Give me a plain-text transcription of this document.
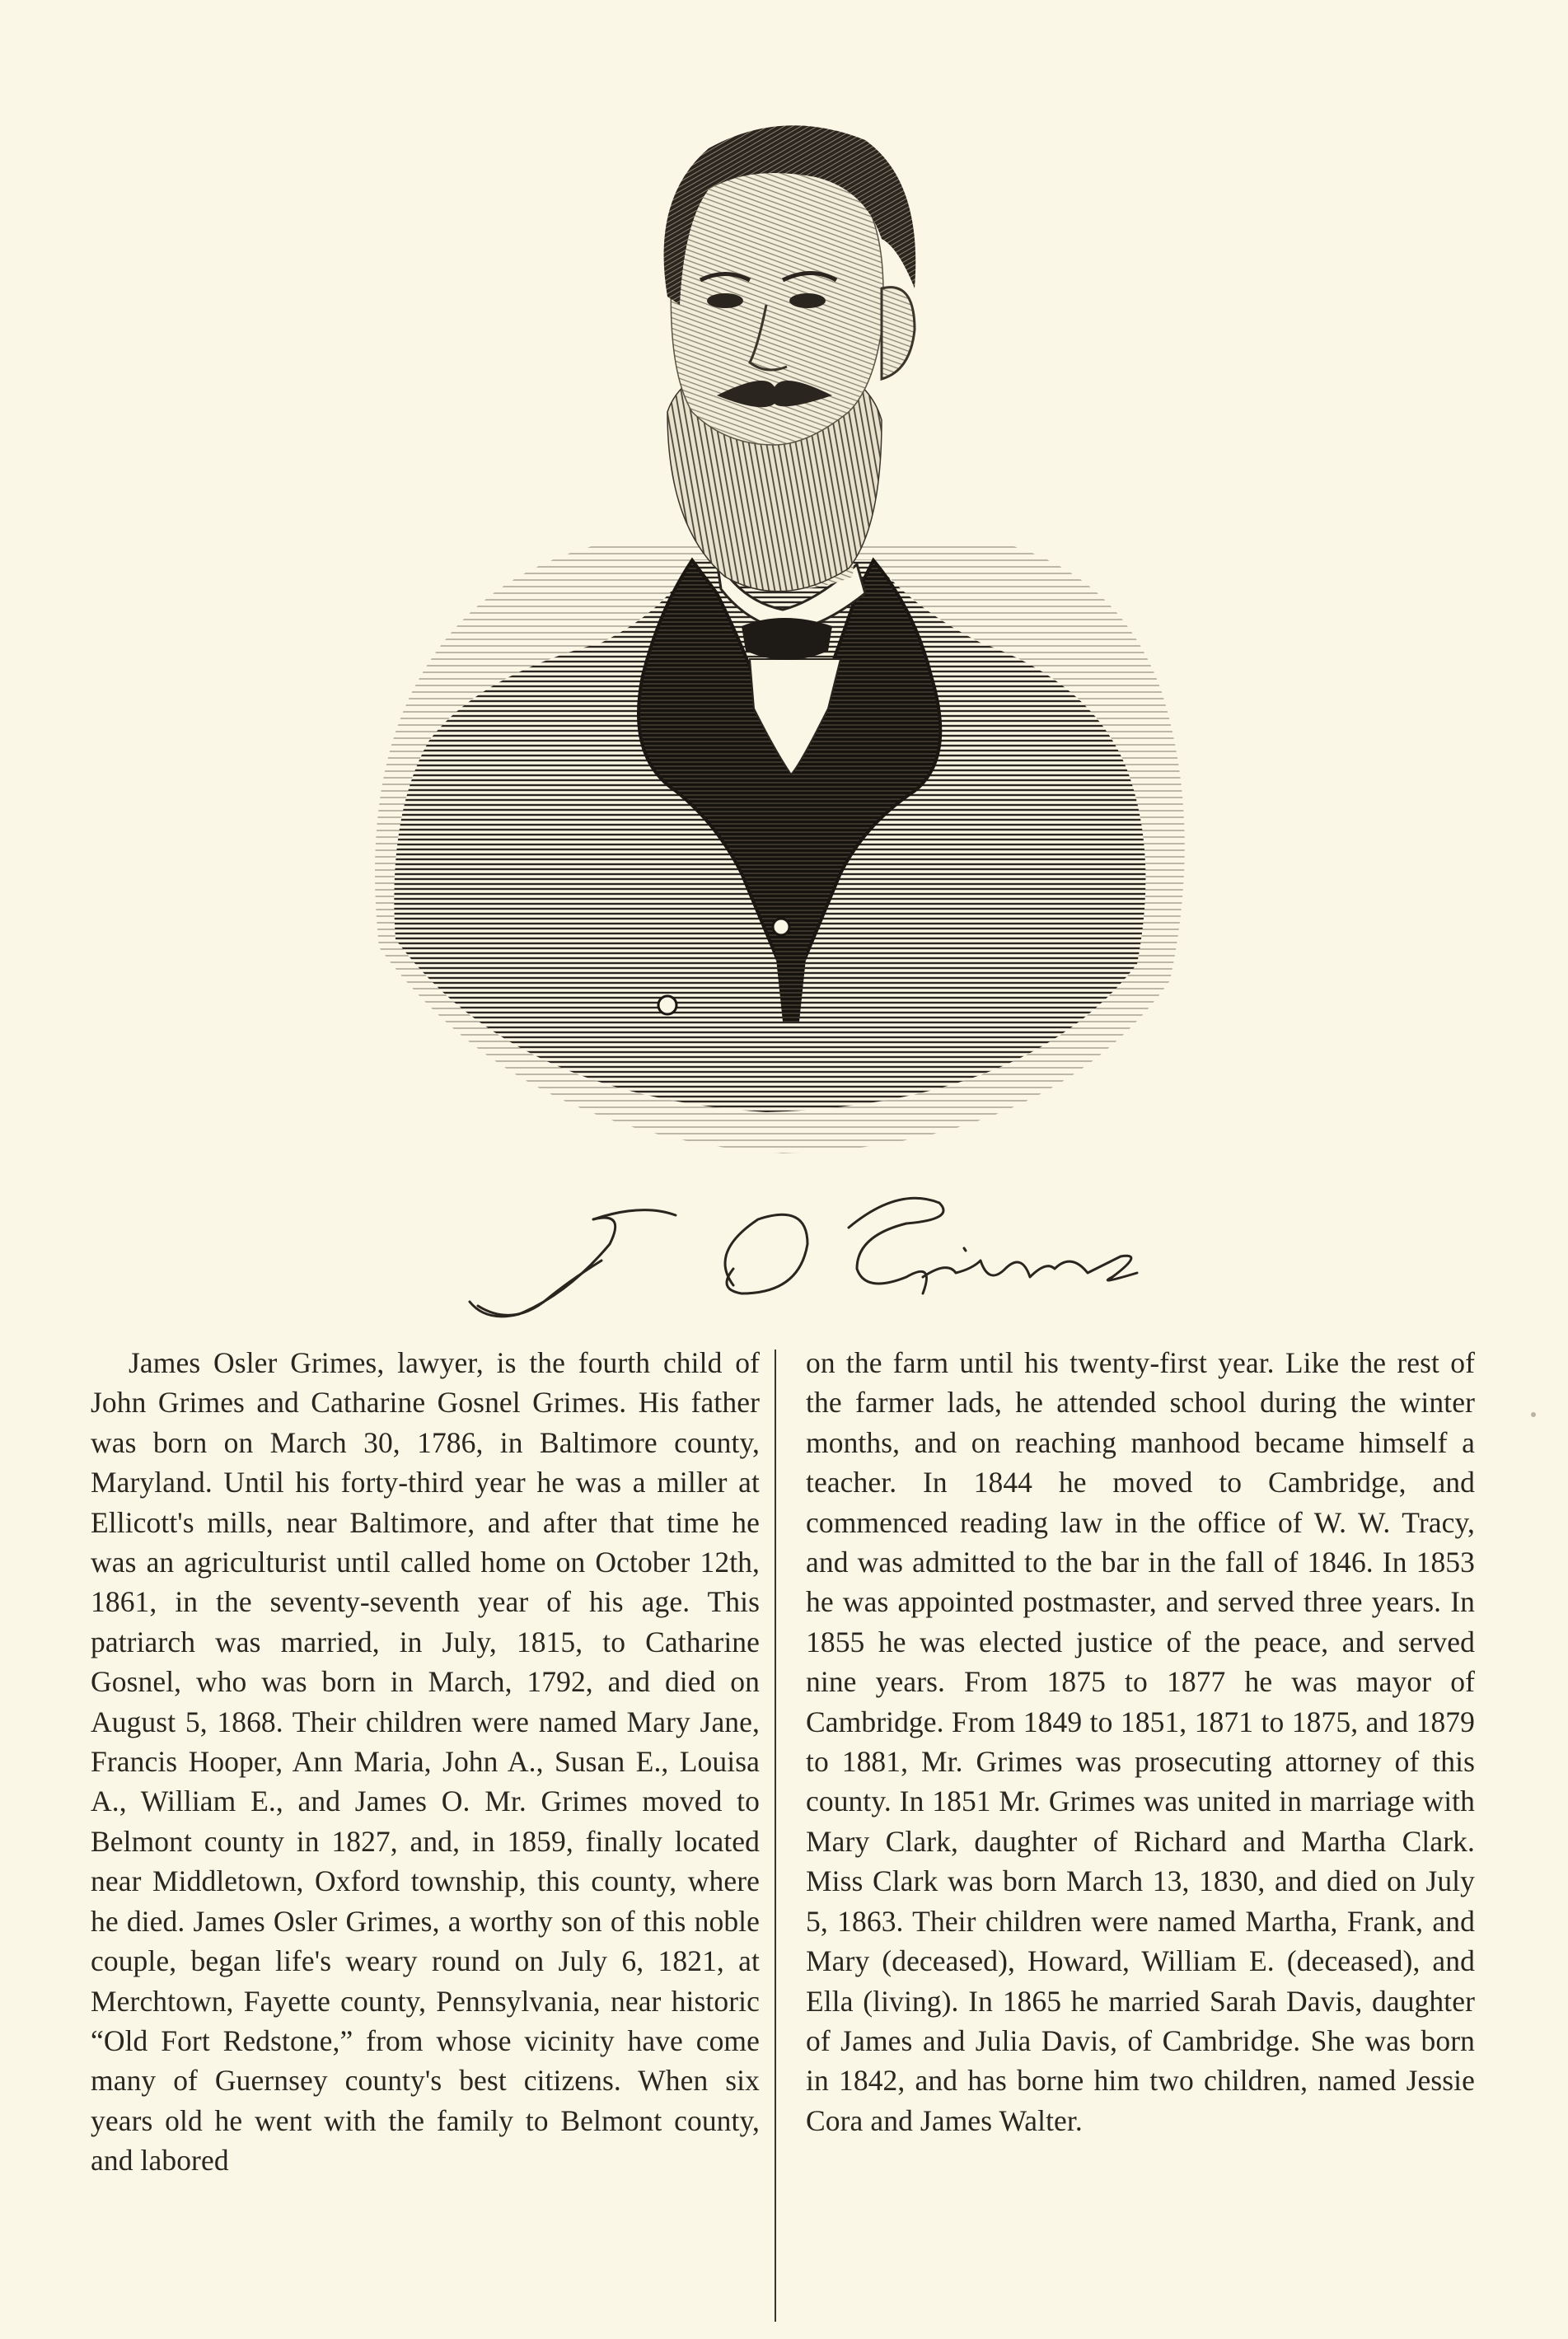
James Osler Grimes, lawyer, is the fourth child of John Grimes and Catharine Gosnel Grimes. His father was born on March 30, 1786, in Baltimore county, Maryland. Until his forty-third year he was a miller at Ellicott's mills, near Baltimore, and after that time he was an agriculturist until called home on October 12th, 1861, in the seventy-seventh year of his age. This patriarch was married, in July, 1815, to Catharine Gosnel, who was born in March, 1792, and died on August 5, 1868. Their children were named Mary Jane, Francis Hooper, Ann Maria, John A., Susan E., Louisa A., William E., and James O. Mr. Grimes moved to Belmont county in 1827, and, in 1859, finally located near Middletown, Oxford township, this county, where he died. James Osler Grimes, a worthy son of this noble couple, began life's weary round on July 6, 1821, at Merchtown, Fayette county, Pennsylvania, near historic “Old Fort Redstone,” from whose vicinity have come many of Guernsey county's best citizens. When six years old he went with the family to Belmont county, and labored
on the farm until his twenty-first year. Like the rest of the farmer lads, he attended school during the winter months, and on reaching manhood became himself a teacher. In 1844 he moved to Cambridge, and commenced reading law in the office of W. W. Tracy, and was admitted to the bar in the fall of 1846. In 1853 he was appointed postmaster, and served three years. In 1855 he was elected justice of the peace, and served nine years. From 1875 to 1877 he was mayor of Cambridge. From 1849 to 1851, 1871 to 1875, and 1879 to 1881, Mr. Grimes was prosecuting attorney of this county. In 1851 Mr. Grimes was united in marriage with Mary Clark, daughter of Richard and Martha Clark. Miss Clark was born March 13, 1830, and died on July 5, 1863. Their children were named Martha, Frank, and Mary (deceased), Howard, William E. (deceased), and Ella (living). In 1865 he married Sarah Davis, daughter of James and Julia Davis, of Cambridge. She was born in 1842, and has borne him two children, named Jessie Cora and James Walter.
